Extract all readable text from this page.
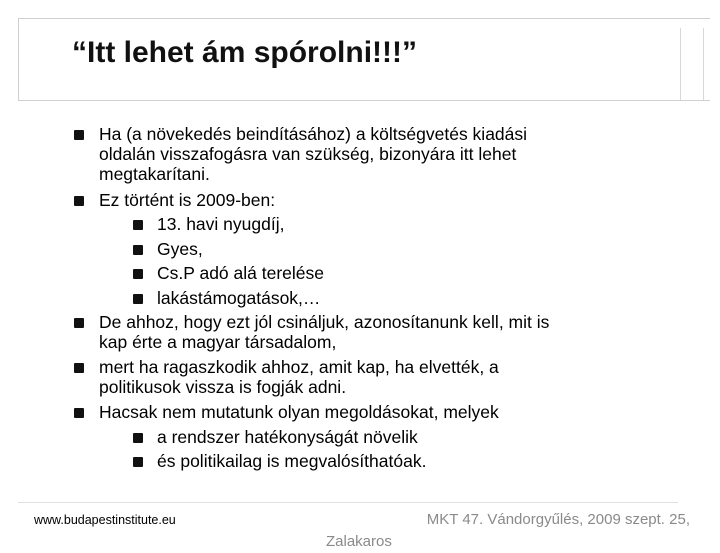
“Itt lehet ám spórolni!!!”
Ha (a növekedés beindításához) a költségvetés kiadási
oldalán visszafogásra van szükség, bizonyára itt lehet
megtakarítani.
Ez történt is 2009-ben:
13. havi nyugdíj,
Gyes,
Cs.P adó alá terelése
lakástámogatások,…
De ahhoz, hogy ezt jól csináljuk, azonosítanunk kell, mit is
kap érte a magyar társadalom,
mert ha ragaszkodik ahhoz, amit kap, ha elvették, a
politikusok vissza is fogják adni.
Hacsak nem mutatunk olyan megoldásokat, melyek
a rendszer hatékonyságát növelik
és politikailag is megvalósíthatóak.
www.budapestinstitute.eu	MKT 47. Vándorgyűlés, 2009 szept. 25,
Zalakaros
